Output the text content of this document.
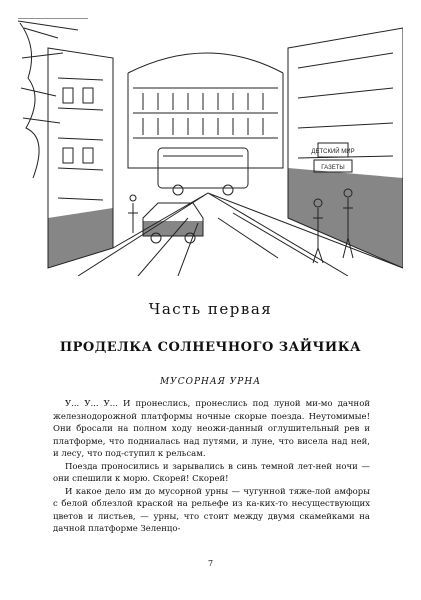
ДЕТСКИЙ МИР
ГАЗЕТЫ
Часть первая
ПРОДЕЛКА СОЛНЕЧНОГО ЗАЙЧИКА
МУСОРНАЯ УРНА

У... У... У... И пронеслись, пронеслись под луной ми-мо дачной железнодорожной платформы ночные скорые поезда. Неутомимые! Они бросали на полном ходу неожи-данный оглушительный рев и платформе, что подниалась над путями, и луне, что висела над ней, и лесу, что под-ступил к рельсам.

Поезда проносились и зарывались в синь темной лет-ней ночи — они спешили к морю. Скорей! Скорей!

И какое дело им до мусорной урны — чугунной тяже-лой амфоры с белой облезлой краской на рельефе из ка-ких-то несуществующих цветов и листьев, — урны, что стоит между двумя скамейками на дачной платформе Зеленцо-

7
